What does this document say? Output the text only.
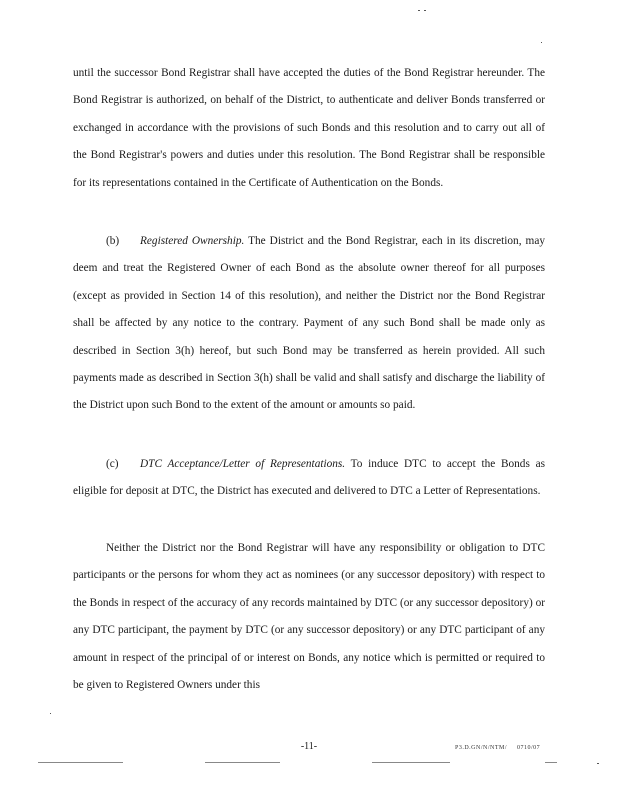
until the successor Bond Registrar shall have accepted the duties of the Bond Registrar hereunder. The Bond Registrar is authorized, on behalf of the District, to authenticate and deliver Bonds transferred or exchanged in accordance with the provisions of such Bonds and this resolution and to carry out all of the Bond Registrar's powers and duties under this resolution. The Bond Registrar shall be responsible for its representations contained in the Certificate of Authentication on the Bonds.

(b) Registered Ownership. The District and the Bond Registrar, each in its discretion, may deem and treat the Registered Owner of each Bond as the absolute owner thereof for all purposes (except as provided in Section 14 of this resolution), and neither the District nor the Bond Registrar shall be affected by any notice to the contrary. Payment of any such Bond shall be made only as described in Section 3(h) hereof, but such Bond may be transferred as herein provided. All such payments made as described in Section 3(h) shall be valid and shall satisfy and discharge the liability of the District upon such Bond to the extent of the amount or amounts so paid.

(c) DTC Acceptance/Letter of Representations. To induce DTC to accept the Bonds as eligible for deposit at DTC, the District has executed and delivered to DTC a Letter of Representations.

Neither the District nor the Bond Registrar will have any responsibility or obligation to DTC participants or the persons for whom they act as nominees (or any successor depository) with respect to the Bonds in respect of the accuracy of any records maintained by DTC (or any successor depository) or any DTC participant, the payment by DTC (or any successor depository) or any DTC participant of any amount in respect of the principal of or interest on Bonds, any notice which is permitted or required to be given to Registered Owners under this

-11-	P3.D.GN/N/NTM/ 0710/07
